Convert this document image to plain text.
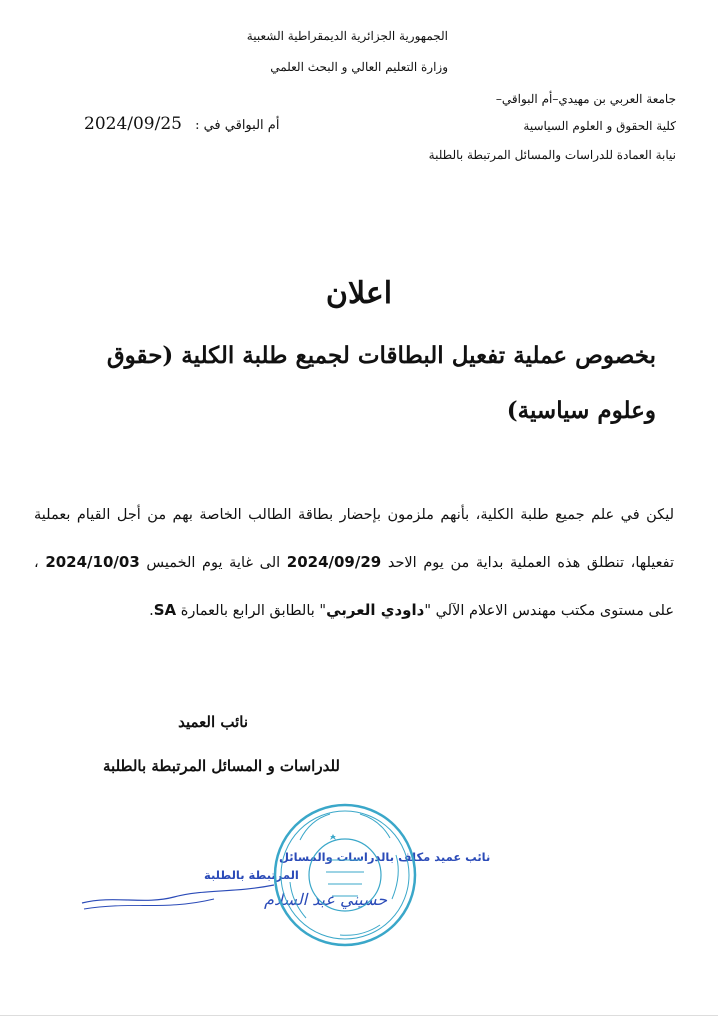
الجمهورية الجزائرية الديمقراطية الشعبية
وزارة التعليم العالي و البحث العلمي
جامعة العربي بن مهيدي–أم البواقي–
كلية الحقوق و العلوم السياسية
نيابة العمادة للدراسات والمسائل المرتبطة بالطلبة
أم البواقي في : 2024/09/25
اعلان
بخصوص عملية تفعيل البطاقات لجميع طلبة الكلية (حقوق وعلوم سياسية)
ليكن في علم جميع طلبة الكلية، بأنهم ملزمون بإحضار بطاقة الطالب الخاصة بهم من أجل القيام بعملية تفعيلها، تنطلق هذه العملية بداية من يوم الاحد 2024/09/29 الى غاية يوم الخميس 2024/10/03 ، على مستوى مكتب مهندس الاعلام الآلي "داودي العربي" بالطابق الرابع بالعمارة SA.
نائب العميد
للدراسات و المسائل المرتبطة بالطلبة
نائب عميد مكلف بالدراسات والمسائل
المرتبطة بالطلبة
حسيني عبد السلام
